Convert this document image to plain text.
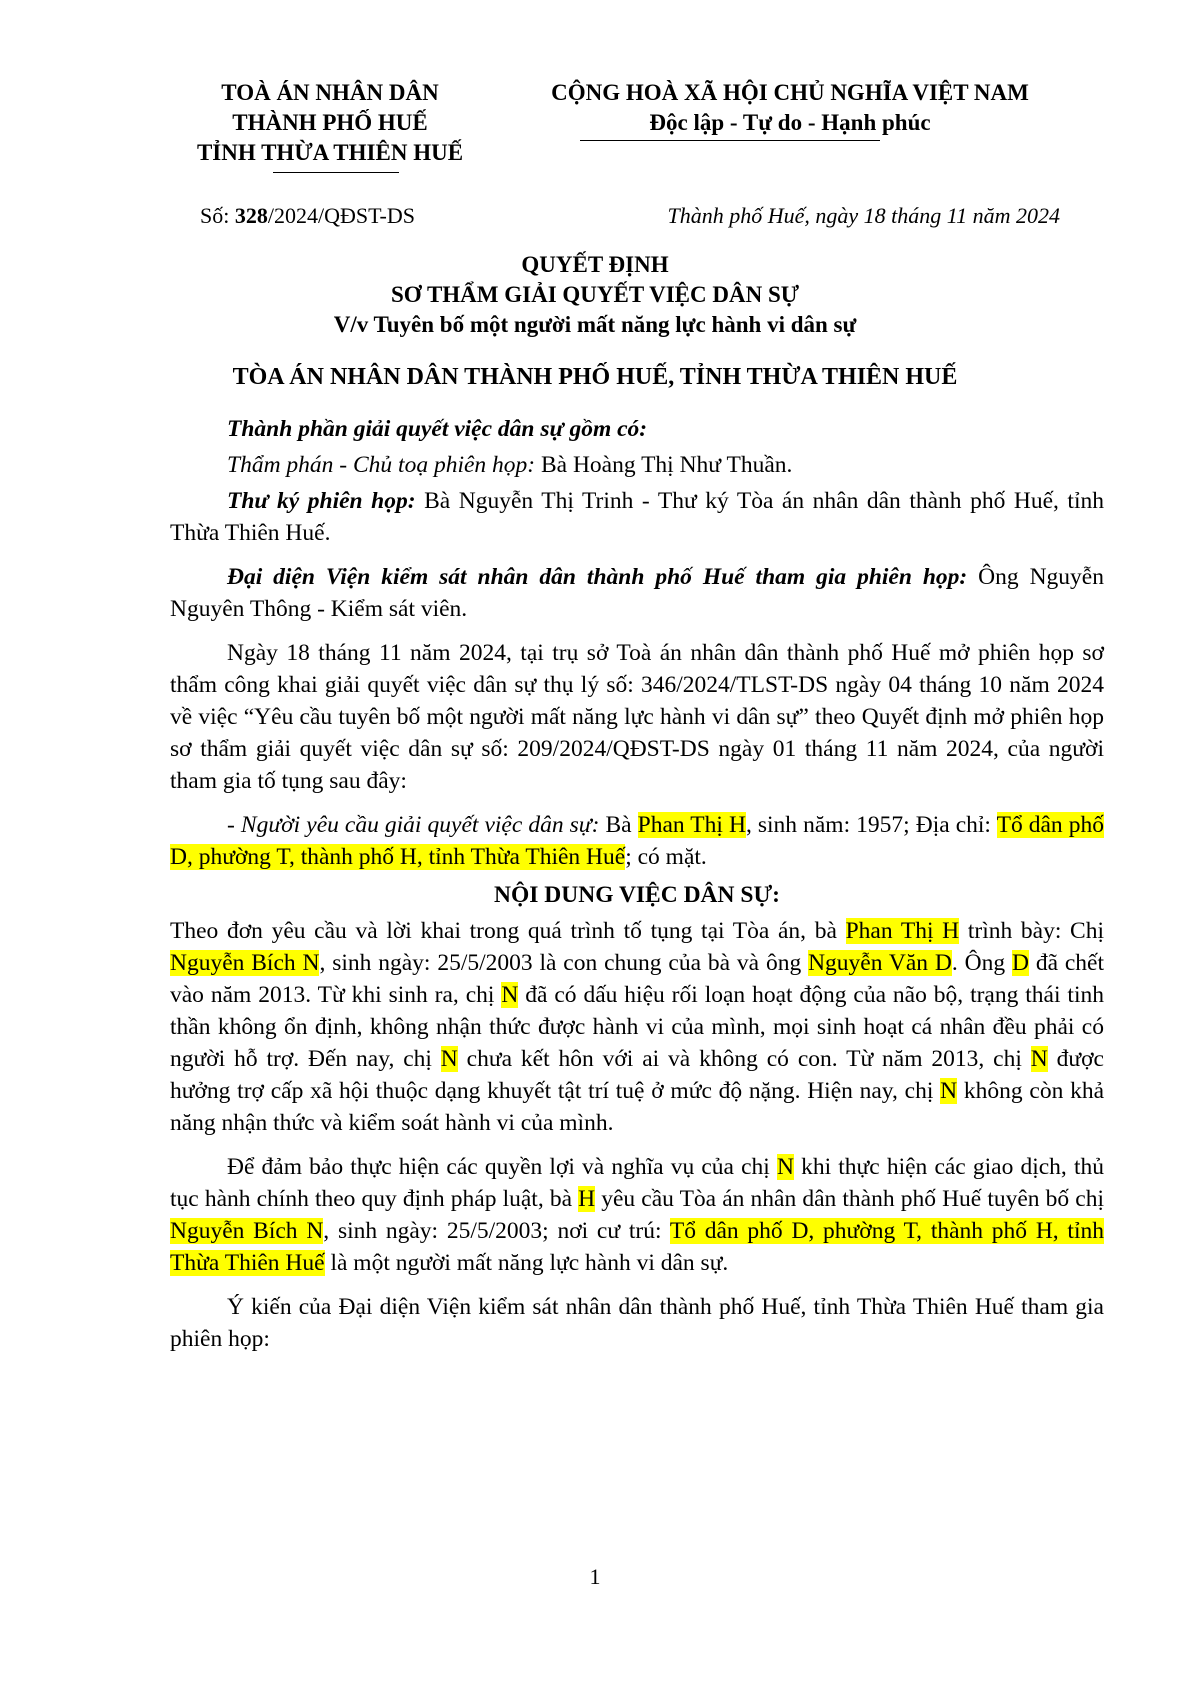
TOÀ ÁN NHÂN DÂN
THÀNH PHỐ HUẾ
TỈNH THỪA THIÊN HUẾ
CỘNG HOÀ XÃ HỘI CHỦ NGHĨA VIỆT NAM
Độc lập - Tự do - Hạnh phúc
Số: 328/2024/QĐST-DS	Thành phố Huế, ngày 18 tháng 11 năm 2024
QUYẾT ĐỊNH
SƠ THẨM GIẢI QUYẾT VIỆC DÂN SỰ
V/v Tuyên bố một người mất năng lực hành vi dân sự
TÒA ÁN NHÂN DÂN THÀNH PHỐ HUẾ, TỈNH THỪA THIÊN HUẾ

Thành phần giải quyết việc dân sự gồm có:

Thẩm phán - Chủ toạ phiên họp: Bà Hoàng Thị Như Thuần.

Thư ký phiên họp: Bà Nguyễn Thị Trinh - Thư ký Tòa án nhân dân thành phố Huế, tỉnh Thừa Thiên Huế.

Đại diện Viện kiểm sát nhân dân thành phố Huế tham gia phiên họp: Ông Nguyễn Nguyên Thông - Kiểm sát viên.

Ngày 18 tháng 11 năm 2024, tại trụ sở Toà án nhân dân thành phố Huế mở phiên họp sơ thẩm công khai giải quyết việc dân sự thụ lý số: 346/2024/TLST-DS ngày 04 tháng 10 năm 2024 về việc “Yêu cầu tuyên bố một người mất năng lực hành vi dân sự” theo Quyết định mở phiên họp sơ thẩm giải quyết việc dân sự số: 209/2024/QĐST-DS ngày 01 tháng 11 năm 2024, của người tham gia tố tụng sau đây:

- Người yêu cầu giải quyết việc dân sự: Bà Phan Thị H, sinh năm: 1957; Địa chỉ: Tổ dân phố D, phường T, thành phố H, tỉnh Thừa Thiên Huế; có mặt.

NỘI DUNG VIỆC DÂN SỰ:

Theo đơn yêu cầu và lời khai trong quá trình tố tụng tại Tòa án, bà Phan Thị H trình bày: Chị Nguyễn Bích N, sinh ngày: 25/5/2003 là con chung của bà và ông Nguyễn Văn D. Ông D đã chết vào năm 2013. Từ khi sinh ra, chị N đã có dấu hiệu rối loạn hoạt động của não bộ, trạng thái tinh thần không ổn định, không nhận thức được hành vi của mình, mọi sinh hoạt cá nhân đều phải có người hỗ trợ. Đến nay, chị N chưa kết hôn với ai và không có con. Từ năm 2013, chị N được hưởng trợ cấp xã hội thuộc dạng khuyết tật trí tuệ ở mức độ nặng. Hiện nay, chị N không còn khả năng nhận thức và kiểm soát hành vi của mình.

Để đảm bảo thực hiện các quyền lợi và nghĩa vụ của chị N khi thực hiện các giao dịch, thủ tục hành chính theo quy định pháp luật, bà H yêu cầu Tòa án nhân dân thành phố Huế tuyên bố chị Nguyễn Bích N, sinh ngày: 25/5/2003; nơi cư trú: Tổ dân phố D, phường T, thành phố H, tỉnh Thừa Thiên Huế là một người mất năng lực hành vi dân sự.

Ý kiến của Đại diện Viện kiểm sát nhân dân thành phố Huế, tỉnh Thừa Thiên Huế tham gia phiên họp:

1
